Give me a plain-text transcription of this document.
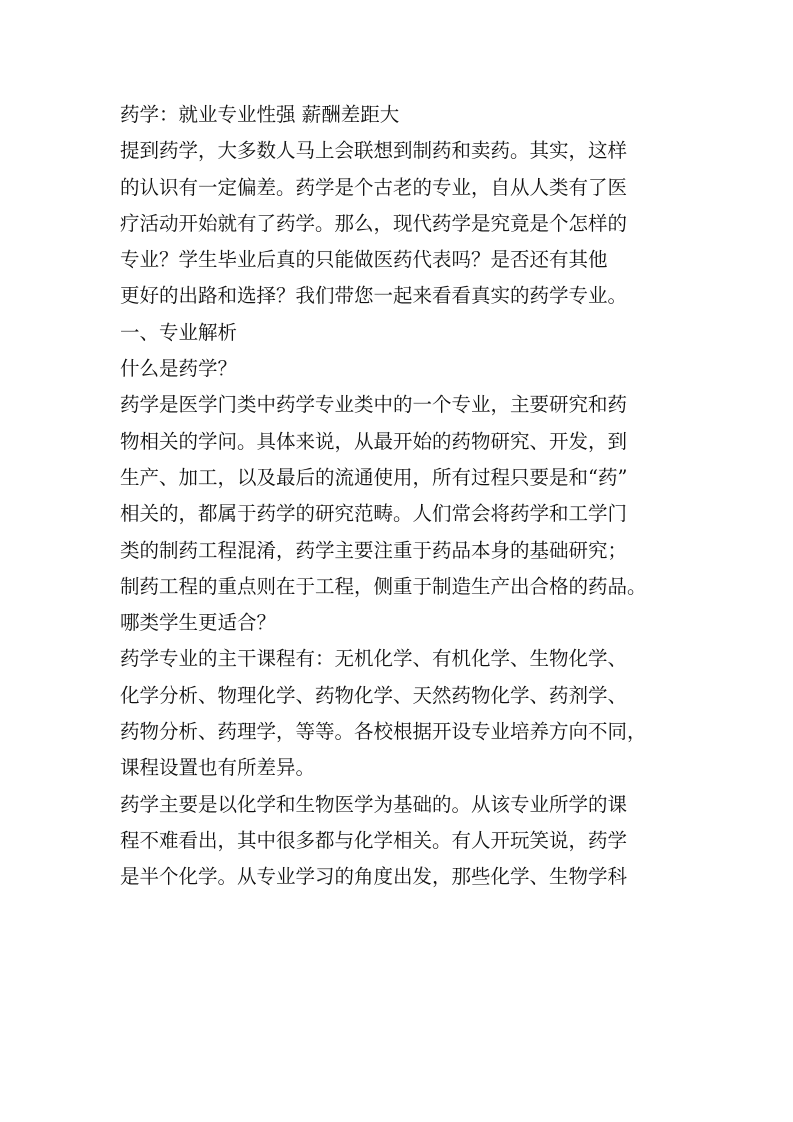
药学：就业专业性强 薪酬差距大
提到药学，大多数人马上会联想到制药和卖药。其实，这样
的认识有一定偏差。药学是个古老的专业，自从人类有了医
疗活动开始就有了药学。那么，现代药学是究竟是个怎样的
专业？学生毕业后真的只能做医药代表吗？是否还有其他
更好的出路和选择？我们带您一起来看看真实的药学专业。
一、专业解析
什么是药学？
药学是医学门类中药学专业类中的一个专业，主要研究和药
物相关的学问。具体来说，从最开始的药物研究、开发，到
生产、加工，以及最后的流通使用，所有过程只要是和“药”
相关的，都属于药学的研究范畴。人们常会将药学和工学门
类的制药工程混淆，药学主要注重于药品本身的基础研究；
制药工程的重点则在于工程，侧重于制造生产出合格的药品。
哪类学生更适合？
药学专业的主干课程有：无机化学、有机化学、生物化学、
化学分析、物理化学、药物化学、天然药物化学、药剂学、
药物分析、药理学，等等。各校根据开设专业培养方向不同，
课程设置也有所差异。
药学主要是以化学和生物医学为基础的。从该专业所学的课
程不难看出，其中很多都与化学相关。有人开玩笑说，药学
是半个化学。从专业学习的角度出发，那些化学、生物学科
